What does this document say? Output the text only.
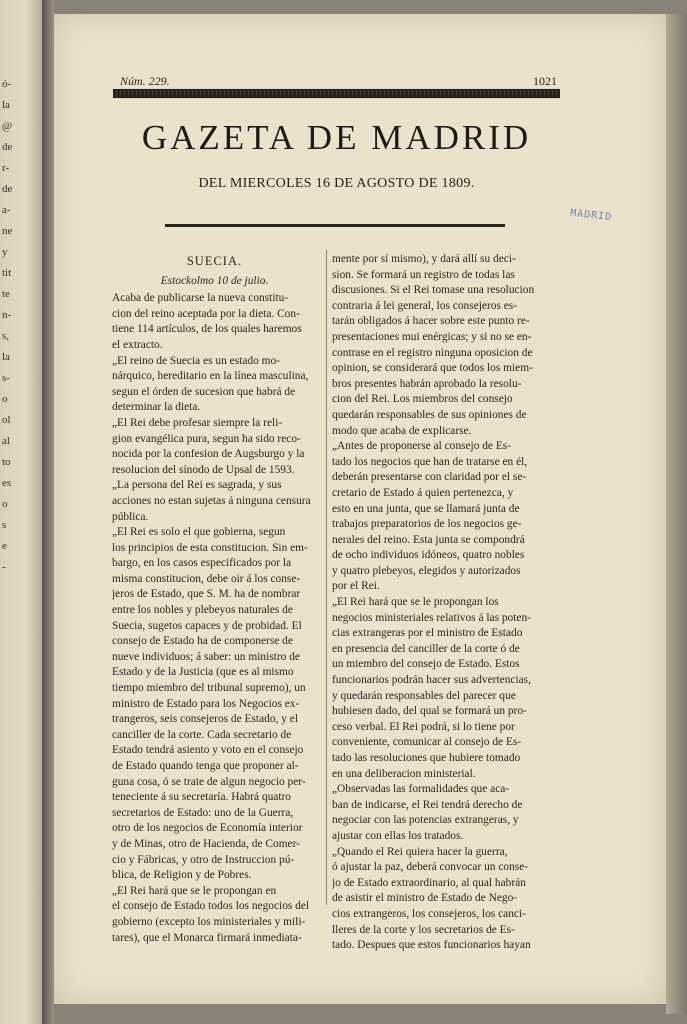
ó-
la
@
de
r-
de
a-
ne
y
tit
te
n-
s,
la
s-
o
ol
al
to
es
o
s
e
-
Núm. 229.	1021
GAZETA DE MADRID
DEL MIERCOLES 16 DE AGOSTO DE 1809.
MADRID
SUECIA.
Estockolmo 10 de julio.
Acaba de publicarse la nueva constitu-
cion del reino aceptada por la dieta. Con-
tiene 114 artículos, de los quales haremos
el extracto.
„El reino de Suecia es un estado mo-
nárquico, hereditario en la línea masculina,
segun el órden de sucesion que habrá de
determinar la dieta.
„El Rei debe profesar siempre la reli-
gion evangélica pura, segun ha sido reco-
nocida por la confesion de Augsburgo y la
resolucion del sínodo de Upsal de 1593.
„La persona del Rei es sagrada, y sus
acciones no estan sujetas á ninguna censura
pública.
„El Rei es solo el que gobierna, segun
los principios de esta constitucion. Sin em-
bargo, en los casos especificados por la
misma constitucion, debe oir á los conse-
jeros de Estado, que S. M. ha de nombrar
entre los nobles y plebeyos naturales de
Suecia, sugetos capaces y de probidad. El
consejo de Estado ha de componerse de
nueve individuos; á saber: un ministro de
Estado y de la Justicia (que es al mismo
tiempo miembro del tribunal supremo), un
ministro de Estado para los Negocios ex-
trangeros, seis consejeros de Estado, y el
canciller de la corte. Cada secretario de
Estado tendrá asiento y voto en el consejo
de Estado quando tenga que proponer al-
guna cosa, ó se trate de algun negocio per-
teneciente á su secretaría. Habrá quatro
secretarios de Estado: uno de la Guerra,
otro de los negocios de Economía interior
y de Minas, otro de Hacienda, de Comer-
cio y Fábricas, y otro de Instruccion pú-
blica, de Religion y de Pobres.
„El Rei hará que se le propongan en
el consejo de Estado todos los negocios del
gobierno (excepto los ministeriales y mili-
tares), que el Monarca firmará inmediata-
mente por sí mismo), y dará allí su deci-
sion. Se formará un registro de todas las
discusiones. Si el Rei tomase una resolucion
contraria á lei general, los consejeros es-
tarán obligados á hacer sobre este punto re-
presentaciones mui enérgicas; y si no se en-
contrase en el registro ninguna oposicion de
opinion, se considerará que todos los miem-
bros presentes habrán aprobado la resolu-
cion del Rei. Los miembros del consejo
quedarán responsables de sus opiniones de
modo que acaba de explicarse.
„Antes de proponerse al consejo de Es-
tado los negocios que han de tratarse en él,
deberán presentarse con claridad por el se-
cretario de Estado á quien pertenezca, y
esto en una junta, que se llamará junta de
trabajos preparatorios de los negocios ge-
nerales del reino. Esta junta se compondrá
de ocho individuos idóneos, quatro nobles
y quatro plebeyos, elegidos y autorizados
por el Rei.
„El Rei hará que se le propongan los
negocios ministeriales relativos á las poten-
cias extrangeras por el ministro de Estado
en presencia del canciller de la corte ó de
un miembro del consejo de Estado. Estos
funcionarios podrán hacer sus advertencias,
y quedarán responsables del parecer que
hubiesen dado, del qual se formará un pro-
ceso verbal. El Rei podrá, si lo tiene por
conveniente, comunicar al consejo de Es-
tado las resoluciones que hubiere tomado
en una deliberacion ministerial.
„Observadas las formalidades que aca-
ban de indicarse, el Rei tendrá derecho de
negociar con las potencias extrangeras, y
ajustar con ellas los tratados.
„Quando el Rei quiera hacer la guerra,
ó ajustar la paz, deberá convocar un conse-
jo de Estado extraordinario, al qual habrán
de asistir el ministro de Estado de Nego-
cios extrangeros, los consejeros, los canci-
lleres de la corte y los secretarios de Es-
tado. Despues que estos funcionarios hayan
